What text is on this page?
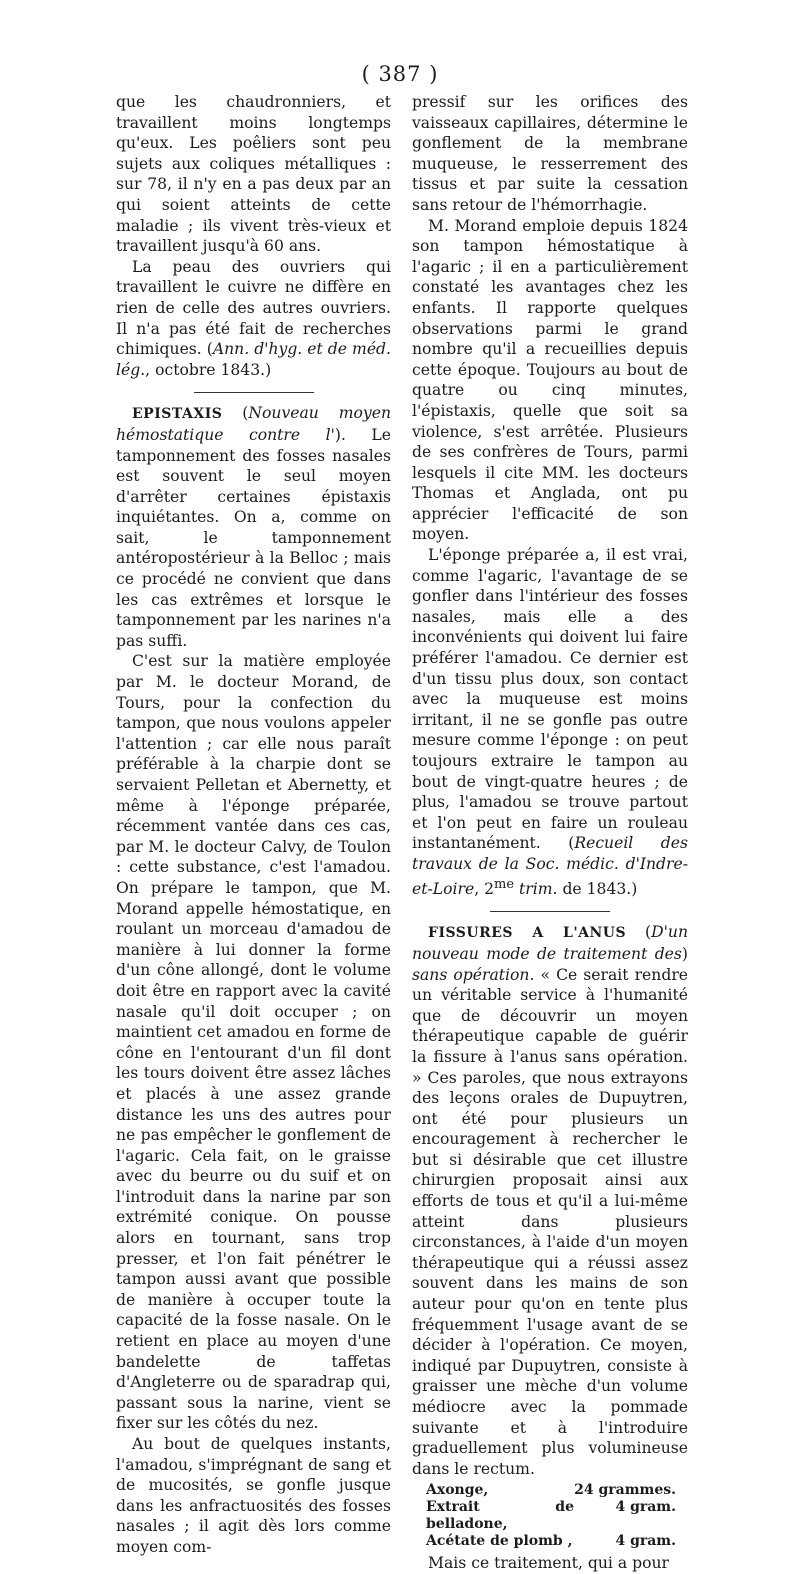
( 387 )

que les chaudronniers, et travaillent moins longtemps qu'eux. Les poêliers sont peu sujets aux coliques métalliques : sur 78, il n'y en a pas deux par an qui soient atteints de cette maladie ; ils vivent très-vieux et travaillent jusqu'à 60 ans.

La peau des ouvriers qui travaillent le cuivre ne diffère en rien de celle des autres ouvriers. Il n'a pas été fait de recherches chimiques. (Ann. d'hyg. et de méd. lég., octobre 1843.)

EPISTAXIS (Nouveau moyen hémostatique contre l'). Le tamponnement des fosses nasales est souvent le seul moyen d'arrêter certaines épistaxis inquiétantes. On a, comme on sait, le tamponnement antéropostérieur à la Belloc ; mais ce procédé ne convient que dans les cas extrêmes et lorsque le tamponnement par les narines n'a pas suffi.

C'est sur la matière employée par M. le docteur Morand, de Tours, pour la confection du tampon, que nous voulons appeler l'attention ; car elle nous paraît préférable à la charpie dont se servaient Pelletan et Abernetty, et même à l'éponge préparée, récemment vantée dans ces cas, par M. le docteur Calvy, de Toulon : cette substance, c'est l'amadou. On prépare le tampon, que M. Morand appelle hémostatique, en roulant un morceau d'amadou de manière à lui donner la forme d'un cône allongé, dont le volume doit être en rapport avec la cavité nasale qu'il doit occuper ; on maintient cet amadou en forme de cône en l'entourant d'un fil dont les tours doivent être assez lâches et placés à une assez grande distance les uns des autres pour ne pas empêcher le gonflement de l'agaric. Cela fait, on le graisse avec du beurre ou du suif et on l'introduit dans la narine par son extrémité conique. On pousse alors en tournant, sans trop presser, et l'on fait pénétrer le tampon aussi avant que possible de manière à occuper toute la capacité de la fosse nasale. On le retient en place au moyen d'une bandelette de taffetas d'Angleterre ou de sparadrap qui, passant sous la narine, vient se fixer sur les côtés du nez.

Au bout de quelques instants, l'amadou, s'imprégnant de sang et de mucosités, se gonfle jusque dans les anfractuosités des fosses nasales ; il agit dès lors comme moyen com-

pressif sur les orifices des vaisseaux capillaires, détermine le gonflement de la membrane muqueuse, le resserrement des tissus et par suite la cessation sans retour de l'hémorrhagie.

M. Morand emploie depuis 1824 son tampon hémostatique à l'agaric ; il en a particulièrement constaté les avantages chez les enfants. Il rapporte quelques observations parmi le grand nombre qu'il a recueillies depuis cette époque. Toujours au bout de quatre ou cinq minutes, l'épistaxis, quelle que soit sa violence, s'est arrêtée. Plusieurs de ses confrères de Tours, parmi lesquels il cite MM. les docteurs Thomas et Anglada, ont pu apprécier l'efficacité de son moyen.

L'éponge préparée a, il est vrai, comme l'agaric, l'avantage de se gonfler dans l'intérieur des fosses nasales, mais elle a des inconvénients qui doivent lui faire préférer l'amadou. Ce dernier est d'un tissu plus doux, son contact avec la muqueuse est moins irritant, il ne se gonfle pas outre mesure comme l'éponge : on peut toujours extraire le tampon au bout de vingt-quatre heures ; de plus, l'amadou se trouve partout et l'on peut en faire un rouleau instantanément. (Recueil des travaux de la Soc. médic. d'Indre-et-Loire, $2^{me}$ trim. de 1843.)

FISSURES A L'ANUS (D'un nouveau mode de traitement des) sans opération. « Ce serait rendre un véritable service à l'humanité que de découvrir un moyen thérapeutique capable de guérir la fissure à l'anus sans opération. » Ces paroles, que nous extrayons des leçons orales de Dupuytren, ont été pour plusieurs un encouragement à rechercher le but si désirable que cet illustre chirurgien proposait ainsi aux efforts de tous et qu'il a lui-même atteint dans plusieurs circonstances, à l'aide d'un moyen thérapeutique qui a réussi assez souvent dans les mains de son auteur pour qu'on en tente plus fréquemment l'usage avant de se décider à l'opération. Ce moyen, indiqué par Dupuytren, consiste à graisser une mèche d'un volume médiocre avec la pommade suivante et à l'introduire graduellement plus volumineuse dans le rectum.

Axonge,	24 grammes.
Extrait de belladone,
4 gram.
Acétate de plomb ,	4 gram.

Mais ce traitement, qui a pour
